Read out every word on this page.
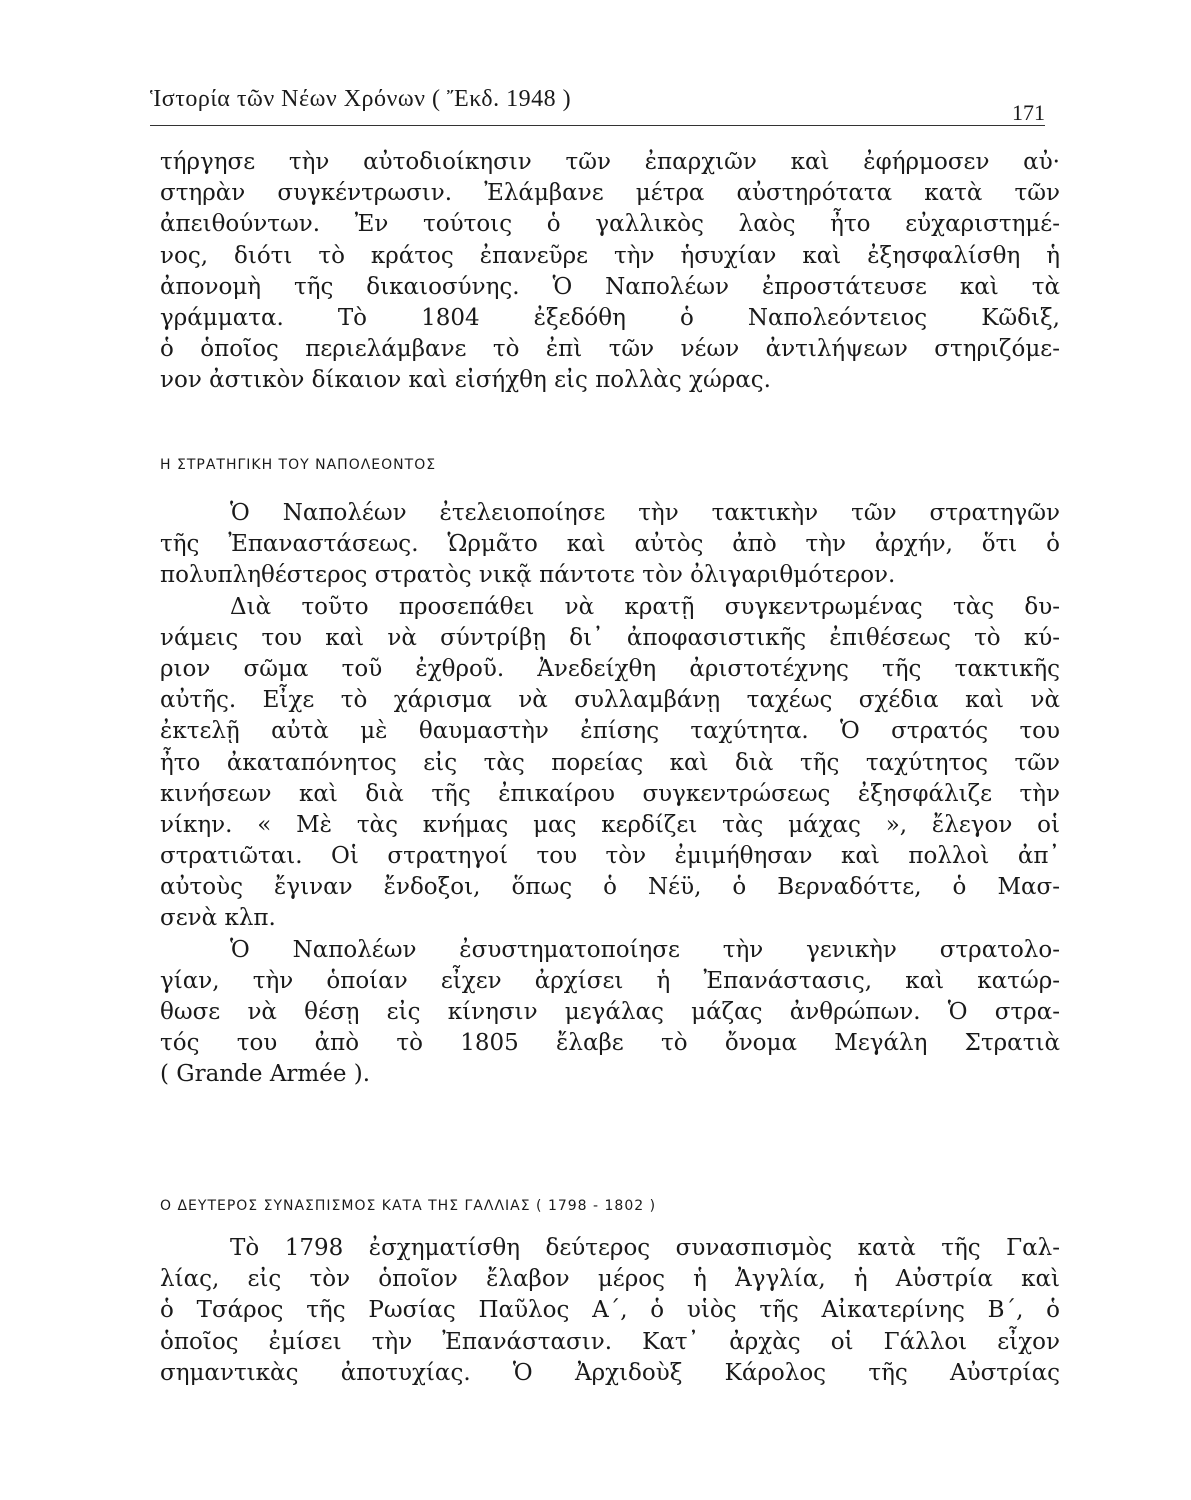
Ἱστορία τῶν Νέων Χρόνων ( Ἔκδ. 1948 )
171
τήργησε τὴν αὐτοδιοίκησιν τῶν ἐπαρχιῶν καὶ ἐφήρμοσεν αὐ·
στηρὰν συγκέντρωσιν. Ἐλάμβανε μέτρα αὐστηρότατα κατὰ τῶν
ἀπειθούντων. Ἐν τούτοις ὁ γαλλικὸς λαὸς ἦτο εὐχαριστημέ-
νος, διότι τὸ κράτος ἐπανεῦρε τὴν ἡσυχίαν καὶ ἐξησφαλίσθη ἡ
ἀπονομὴ τῆς δικαιοσύνης. Ὁ Ναπολέων ἐπροστάτευσε καὶ τὰ
γράμματα. Τὸ 1804 ἐξεδόθη ὁ Ναπολεόντειος Κῶδιξ,
ὁ ὁποῖος περιελάμβανε τὸ ἐπὶ τῶν νέων ἀντιλήψεων στηριζόμε-
νον ἀστικὸν δίκαιον καὶ εἰσήχθη εἰς πολλὰς χώρας.
Η ΣΤΡΑΤΗΓΙΚΗ ΤΟΥ ΝΑΠΟΛΕΟΝΤΟΣ
Ὁ Ναπολέων ἐτελειοποίησε τὴν τακτικὴν τῶν στρατηγῶν
τῆς Ἐπαναστάσεως. Ὡρμᾶτο καὶ αὐτὸς ἀπὸ τὴν ἀρχήν, ὅτι ὁ
πολυπληθέστερος στρατὸς νικᾷ πάντοτε τὸν ὀλιγαριθμότερον.
Διὰ τοῦτο προσεπάθει νὰ κρατῇ συγκεντρωμένας τὰς δυ-
νάμεις του καὶ νὰ σύντρίβῃ δι᾽ ἀποφασιστικῆς ἐπιθέσεως τὸ κύ-
ριον σῶμα τοῦ ἐχθροῦ. Ἀνεδείχθη ἀριστοτέχνης τῆς τακτικῆς
αὐτῆς. Εἶχε τὸ χάρισμα νὰ συλλαμβάνῃ ταχέως σχέδια καὶ νὰ
ἐκτελῇ αὐτὰ μὲ θαυμαστὴν ἐπίσης ταχύτητα. Ὁ στρατός του
ἦτο ἀκαταπόνητος εἰς τὰς πορείας καὶ διὰ τῆς ταχύτητος τῶν
κινήσεων καὶ διὰ τῆς ἐπικαίρου συγκεντρώσεως ἐξησφάλιζε τὴν
νίκην. « Μὲ τὰς κνήμας μας κερδίζει τὰς μάχας », ἔλεγον οἱ
στρατιῶται. Οἱ στρατηγοί του τὸν ἐμιμήθησαν καὶ πολλοὶ ἀπ᾽
αὐτοὺς ἔγιναν ἔνδοξοι, ὅπως ὁ Νέϋ, ὁ Βερναδόττε, ὁ Μασ-
σενὰ κλπ.
Ὁ Ναπολέων ἐσυστηματοποίησε τὴν γενικὴν στρατολο-
γίαν, τὴν ὁποίαν εἶχεν ἀρχίσει ἡ Ἐπανάστασις, καὶ κατώρ-
θωσε νὰ θέσῃ εἰς κίνησιν μεγάλας μάζας ἀνθρώπων. Ὁ στρα-
τός του ἀπὸ τὸ 1805 ἔλαβε τὸ ὄνομα Μεγάλη Στρατιὰ
( Grande Armée ).
Ο ΔΕΥΤΕΡΟΣ ΣΥΝΑΣΠΙΣΜΟΣ ΚΑΤΑ ΤΗΣ ΓΑΛΛΙΑΣ ( 1798 - 1802 )
Τὸ 1798 ἐσχηματίσθη δεύτερος συνασπισμὸς κατὰ τῆς Γαλ-
λίας, εἰς τὸν ὁποῖον ἔλαβον μέρος ἡ Ἀγγλία, ἡ Αὐστρία καὶ
ὁ Τσάρος τῆς Ρωσίας Παῦλος Α΄, ὁ υἱὸς τῆς Αἰκατερίνης Β΄, ὁ
ὁποῖος ἐμίσει τὴν Ἐπανάστασιν. Κατ᾽ ἀρχὰς οἱ Γάλλοι εἶχον
σημαντικὰς ἀποτυχίας. Ὁ Ἀρχιδοὺξ Κάρολος τῆς Αὐστρίας
